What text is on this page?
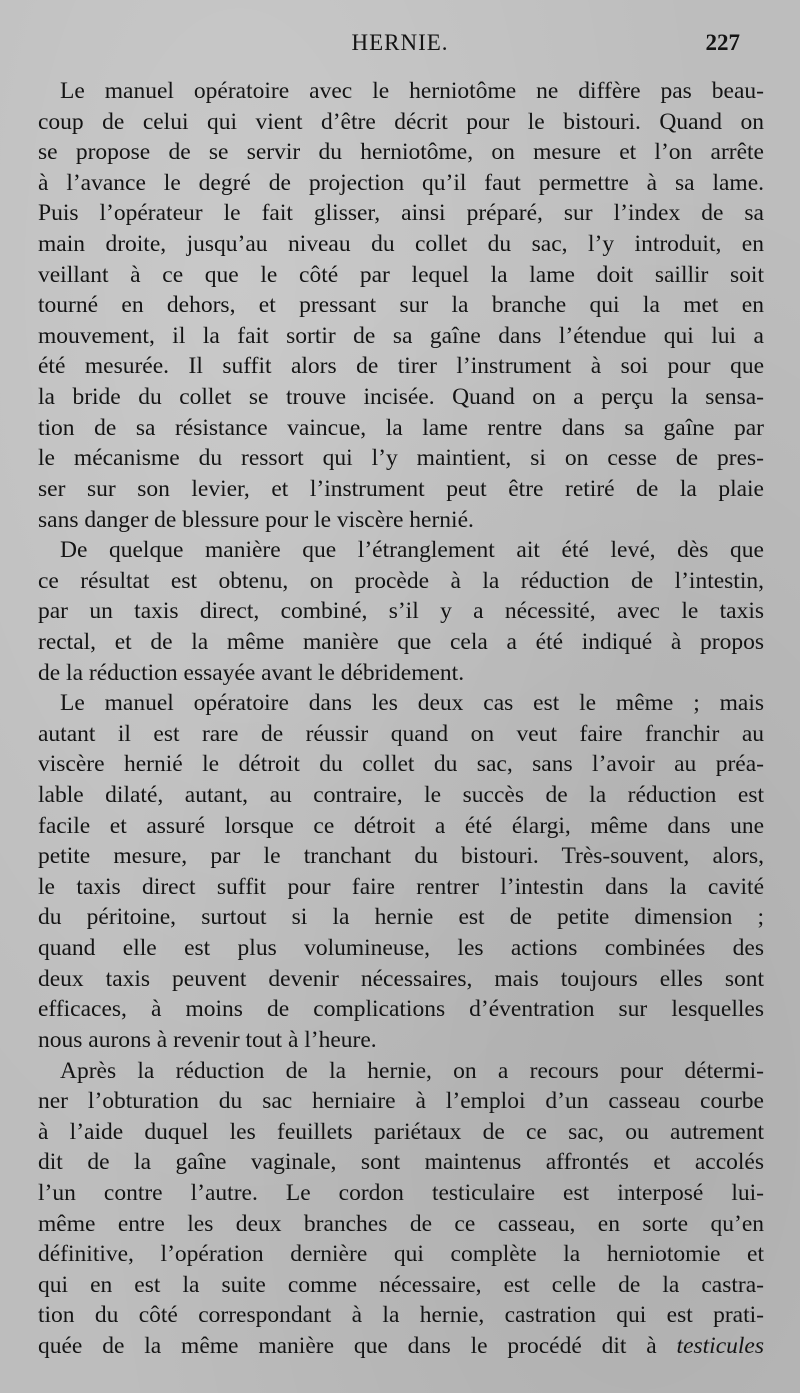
HERNIE.	227
Le manuel opératoire avec le herniotôme ne diffère pas beau-
coup de celui qui vient d’être décrit pour le bistouri. Quand on
se propose de se servir du herniotôme, on mesure et l’on arrête
à l’avance le degré de projection qu’il faut permettre à sa lame.
Puis l’opérateur le fait glisser, ainsi préparé, sur l’index de sa
main droite, jusqu’au niveau du collet du sac, l’y introduit, en
veillant à ce que le côté par lequel la lame doit saillir soit
tourné en dehors, et pressant sur la branche qui la met en
mouvement, il la fait sortir de sa gaîne dans l’étendue qui lui a
été mesurée. Il suffit alors de tirer l’instrument à soi pour que
la bride du collet se trouve incisée. Quand on a perçu la sensa-
tion de sa résistance vaincue, la lame rentre dans sa gaîne par
le mécanisme du ressort qui l’y maintient, si on cesse de pres-
ser sur son levier, et l’instrument peut être retiré de la plaie
sans danger de blessure pour le viscère hernié.
De quelque manière que l’étranglement ait été levé, dès que
ce résultat est obtenu, on procède à la réduction de l’intestin,
par un taxis direct, combiné, s’il y a nécessité, avec le taxis
rectal, et de la même manière que cela a été indiqué à propos
de la réduction essayée avant le débridement.
Le manuel opératoire dans les deux cas est le même ; mais
autant il est rare de réussir quand on veut faire franchir au
viscère hernié le détroit du collet du sac, sans l’avoir au préa-
lable dilaté, autant, au contraire, le succès de la réduction est
facile et assuré lorsque ce détroit a été élargi, même dans une
petite mesure, par le tranchant du bistouri. Très-souvent, alors,
le taxis direct suffit pour faire rentrer l’intestin dans la cavité
du péritoine, surtout si la hernie est de petite dimension ;
quand elle est plus volumineuse, les actions combinées des
deux taxis peuvent devenir nécessaires, mais toujours elles sont
efficaces, à moins de complications d’éventration sur lesquelles
nous aurons à revenir tout à l’heure.
Après la réduction de la hernie, on a recours pour détermi-
ner l’obturation du sac herniaire à l’emploi d’un casseau courbe
à l’aide duquel les feuillets pariétaux de ce sac, ou autrement
dit de la gaîne vaginale, sont maintenus affrontés et accolés
l’un contre l’autre. Le cordon testiculaire est interposé lui-
même entre les deux branches de ce casseau, en sorte qu’en
définitive, l’opération dernière qui complète la herniotomie et
qui en est la suite comme nécessaire, est celle de la castra-
tion du côté correspondant à la hernie, castration qui est prati-
quée de la même manière que dans le procédé dit à testicules
